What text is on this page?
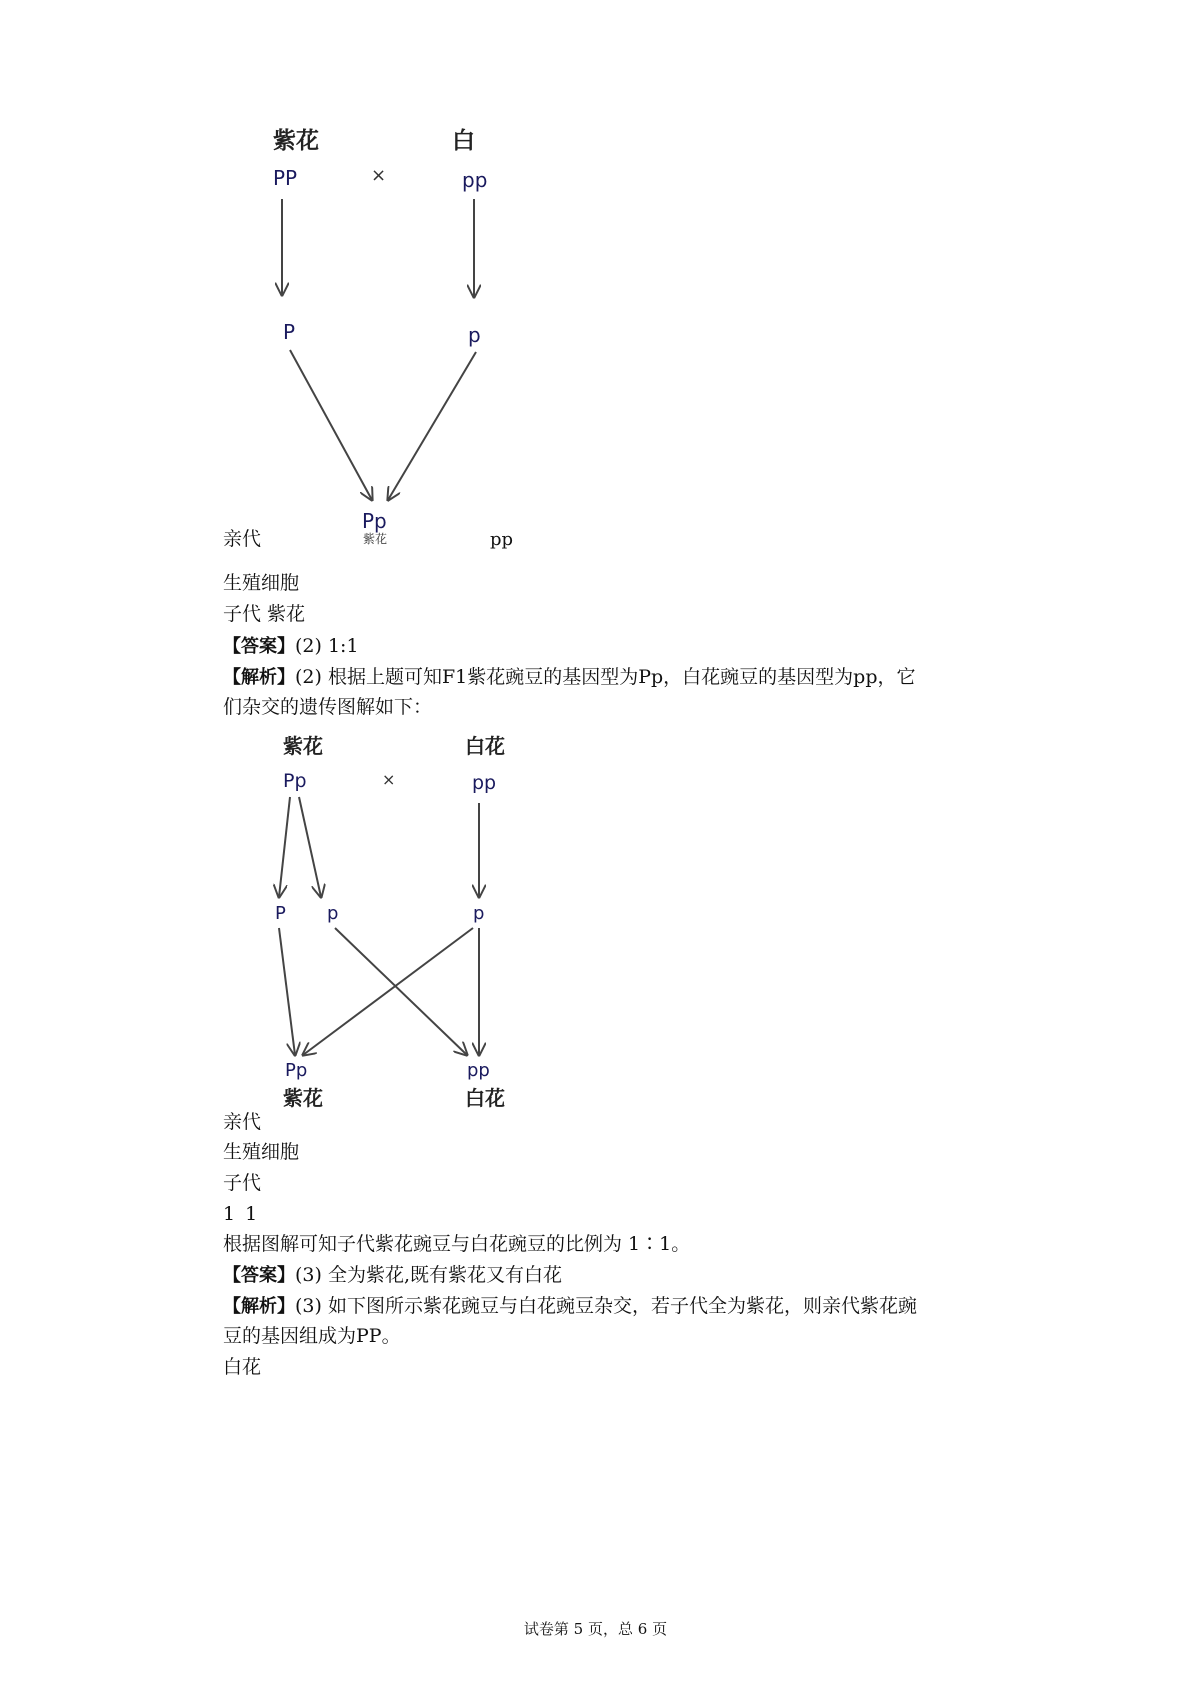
紫花	白
PP	×	pp
P	p
Pp
亲代	紫花	pp
生殖细胞
子代 紫花
【答案】(2) 1:1
【解析】(2) 根据上题可知F1紫花豌豆的基因型为Pp，白花豌豆的基因型为pp，它
们杂交的遗传图解如下：
紫花	白花
Pp	×	pp
P p	p
Pp	pp
紫花	白花
亲代
生殖细胞
子代
1 1
根据图解可知子代紫花豌豆与白花豌豆的比例为 1∶1。
【答案】(3) 全为紫花,既有紫花又有白花
【解析】(3) 如下图所示紫花豌豆与白花豌豆杂交，若子代全为紫花，则亲代紫花豌
豆的基因组成为PP。
白花
试卷第 5 页，总 6 页
